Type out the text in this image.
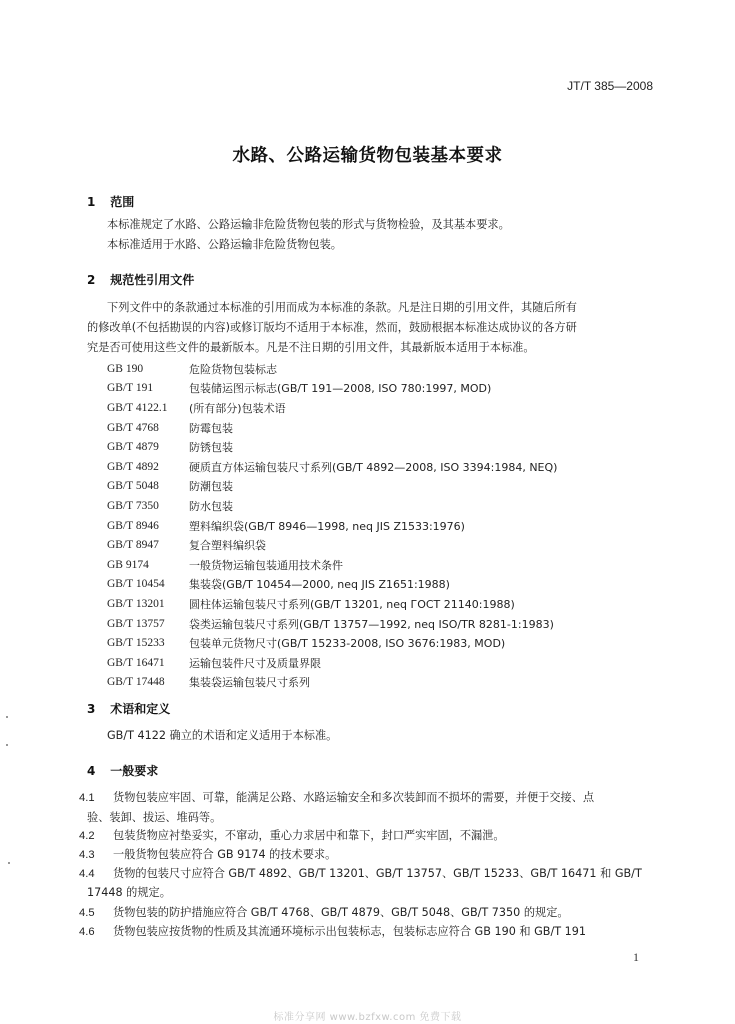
JT/T 385—2008
水路、公路运输货物包装基本要求
1 范围
本标准规定了水路、公路运输非危险货物包装的形式与货物检验，及其基本要求。
本标准适用于水路、公路运输非危险货物包装。
2 规范性引用文件
下列文件中的条款通过本标准的引用而成为本标准的条款。凡是注日期的引用文件，其随后所有
的修改单(不包括勘误的内容)或修订版均不适用于本标准，然而，鼓励根据本标准达成协议的各方研
究是否可使用这些文件的最新版本。凡是不注日期的引用文件，其最新版本适用于本标准。
GB 190	危险货物包装标志
GB/T 191	包装储运图示标志(GB/T 191—2008, ISO 780:1997, MOD)
GB/T 4122.1	(所有部分)包装术语
GB/T 4768	防霉包装
GB/T 4879	防锈包装
GB/T 4892	硬质直方体运输包装尺寸系列(GB/T 4892—2008, ISO 3394:1984, NEQ)
GB/T 5048	防潮包装
GB/T 7350	防水包装
GB/T 8946	塑料编织袋(GB/T 8946—1998, neq JIS Z1533:1976)
GB/T 8947	复合塑料编织袋
GB 9174	一般货物运输包装通用技术条件
GB/T 10454	集装袋(GB/T 10454—2000, neq JIS Z1651:1988)
GB/T 13201	圆柱体运输包装尺寸系列(GB/T 13201, neq ГОСТ 21140:1988)
GB/T 13757	袋类运输包装尺寸系列(GB/T 13757—1992, neq ISO/TR 8281-1:1983)
GB/T 15233	包装单元货物尺寸(GB/T 15233-2008, ISO 3676:1983, MOD)
GB/T 16471	运输包装件尺寸及质量界限
GB/T 17448	集装袋运输包装尺寸系列
3 术语和定义
GB/T 4122 确立的术语和定义适用于本标准。
4 一般要求
4.1 货物包装应牢固、可靠，能满足公路、水路运输安全和多次装卸而不损坏的需要，并便于交接、点
验、装卸、拔运、堆码等。
4.2 包装货物应衬垫妥实，不窜动，重心力求居中和靠下，封口严实牢固，不漏泄。
4.3 一般货物包装应符合 GB 9174 的技术要求。
4.4 货物的包装尺寸应符合 GB/T 4892、GB/T 13201、GB/T 13757、GB/T 15233、GB/T 16471 和 GB/T
17448 的规定。
4.5 货物包装的防护措施应符合 GB/T 4768、GB/T 4879、GB/T 5048、GB/T 7350 的规定。
4.6 货物包装应按货物的性质及其流通环境标示出包装标志，包装标志应符合 GB 190 和 GB/T 191
1
标准分享网 www.bzfxw.com 免费下载
